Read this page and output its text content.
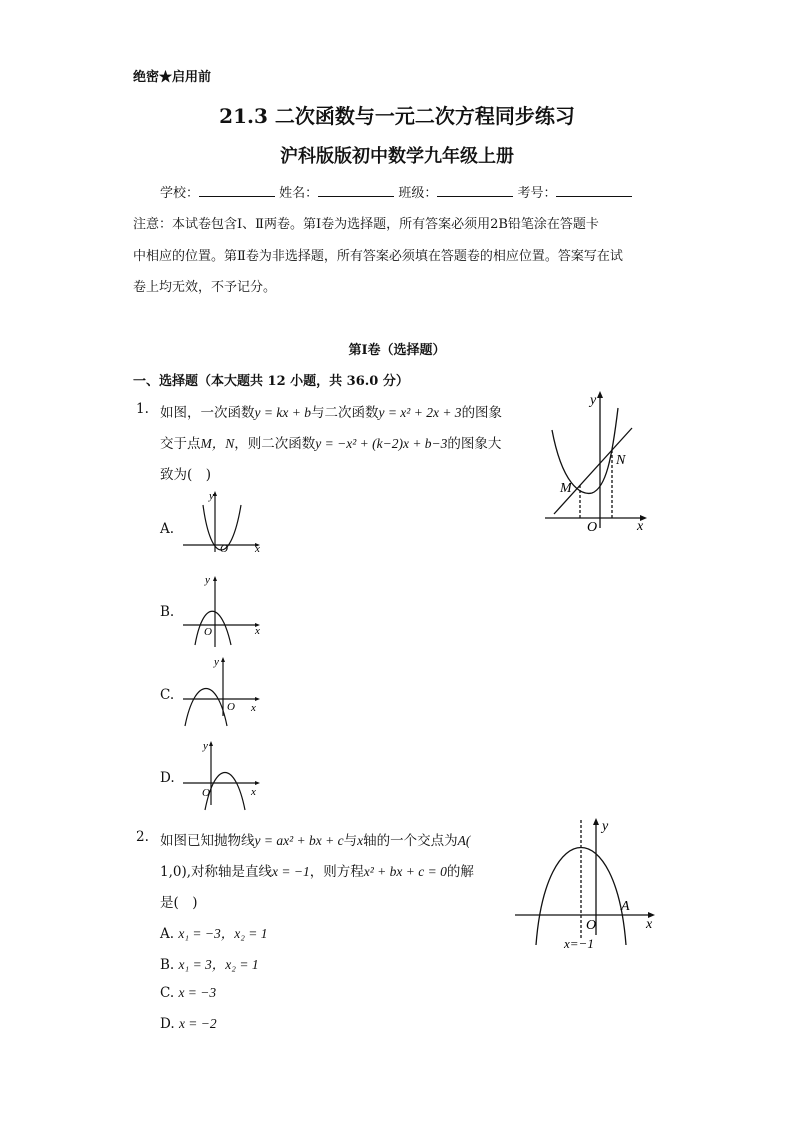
绝密★启用前
21.3 二次函数与一元二次方程同步练习
沪科版版初中数学九年级上册
学校：	姓名：	班级：	考号：
注意：本试卷包含Ⅰ、Ⅱ两卷。第Ⅰ卷为选择题，所有答案必须用2B铅笔涂在答题卡
中相应的位置。第Ⅱ卷为非选择题，所有答案必须填在答题卷的相应位置。答案写在试
卷上均无效，不予记分。
第Ⅰ卷（选择题）
一、选择题（本大题共 12 小题，共 36.0 分）
1. 如图，一次函数y = kx + b与二次函数y = x² + 2x + 3的图象
交于点M，N，则二次函数y = −x² + (k−2)x + b−3的图象大
致为(　)
y
x
O
M
N
A.
y
x
O
B.
y
x
O
C.
y
x
O
D.
y
x
O
2. 如图已知抛物线y = ax² + bx + c与x轴的一个交点为A(
1,0),对称轴是直线x = −1，则方程x² + bx + c = 0的解
是(　)
A. x₁ = −3，x₂ = 1
B. x₁ = 3，x₂ = 1
C. x = −3
D. x = −2
y
x
O
A
x=−1
